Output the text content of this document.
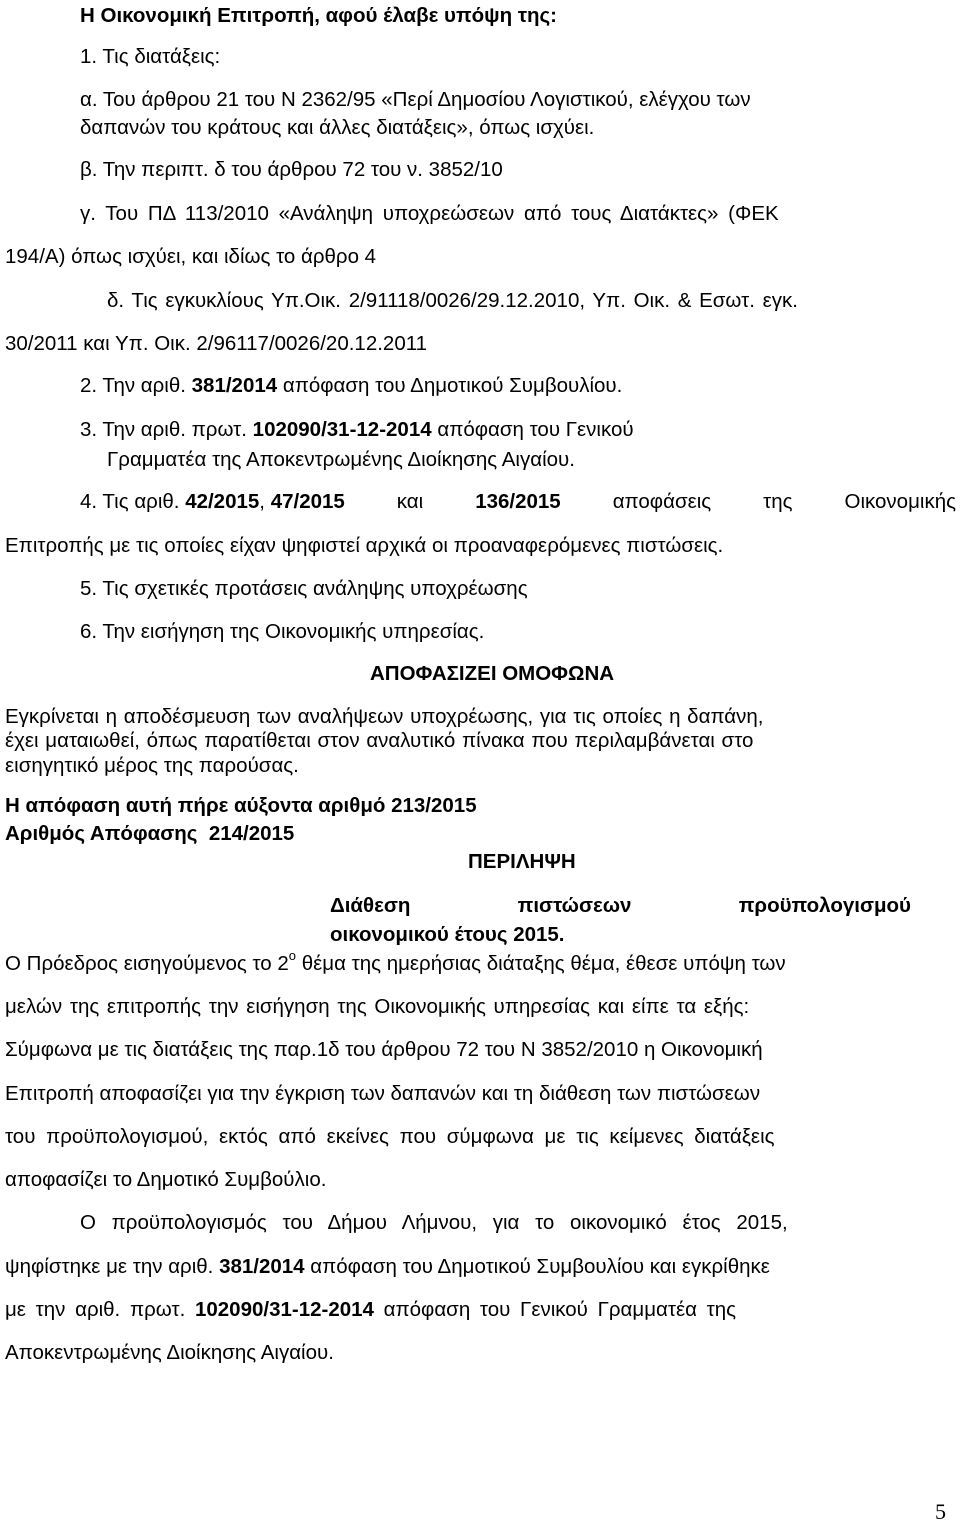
Η Οικονομική Επιτροπή, αφού έλαβε υπόψη της:
1. Τις διατάξεις:
α. Του άρθρου 21 του Ν 2362/95 «Περί Δημοσίου Λογιστικού, ελέγχου των
δαπανών του κράτους και άλλες διατάξεις», όπως ισχύει.
β. Την περιπτ. δ του άρθρου 72 του ν. 3852/10
γ. Του ΠΔ 113/2010 «Ανάληψη υποχρεώσεων από τους Διατάκτες» (ΦΕΚ
194/Α) όπως ισχύει, και ιδίως το άρθρο 4
δ. Τις εγκυκλίους Υπ.Οικ. 2/91118/0026/29.12.2010, Υπ. Οικ. & Εσωτ. εγκ.
30/2011 και Υπ. Οικ. 2/96117/0026/20.12.2011
2. Την αριθ. 381/2014 απόφαση του Δημοτικού Συμβουλίου.
3. Την αριθ. πρωτ. 102090/31-12-2014 απόφαση του Γενικού
Γραμματέα της Αποκεντρωμένης Διοίκησης Αιγαίου.
4. Τις αριθ. 42/2015, 47/2015	και	136/2015	αποφάσεις	της	Οικονομικής
Επιτροπής με τις οποίες είχαν ψηφιστεί αρχικά οι προαναφερόμενες πιστώσεις.
5. Τις σχετικές προτάσεις ανάληψης υποχρέωσης
6. Την εισήγηση της Οικονομικής υπηρεσίας.
ΑΠΟΦΑΣΙΖΕΙ ΟΜΟΦΩΝΑ
Εγκρίνεται η αποδέσμευση των αναλήψεων υποχρέωσης, για τις οποίες η δαπάνη,
έχει ματαιωθεί, όπως παρατίθεται στον αναλυτικό πίνακα που περιλαμβάνεται στο
εισηγητικό μέρος της παρούσας.
Η απόφαση αυτή πήρε αύξοντα αριθμό 213/2015
Αριθμός Απόφασης 214/2015
ΠΕΡΙΛΗΨΗ
Διάθεση	πιστώσεων	προϋπολογισμού
οικονομικού έτους 2015.
Ο Πρόεδρος εισηγούμενος το $2^o$ θέμα της ημερήσιας διάταξης θέμα, έθεσε υπόψη των
μελών της επιτροπής την εισήγηση της Οικονομικής υπηρεσίας και είπε τα εξής:
Σύμφωνα με τις διατάξεις της παρ.1δ του άρθρου 72 του Ν 3852/2010 η Οικονομική
Επιτροπή αποφασίζει για την έγκριση των δαπανών και τη διάθεση των πιστώσεων
του προϋπολογισμού, εκτός από εκείνες που σύμφωνα με τις κείμενες διατάξεις
αποφασίζει το Δημοτικό Συμβούλιο.
Ο προϋπολογισμός του Δήμου Λήμνου, για το οικονομικό έτος 2015,
ψηφίστηκε με την αριθ. 381/2014 απόφαση του Δημοτικού Συμβουλίου και εγκρίθηκε
με την αριθ. πρωτ. 102090/31-12-2014 απόφαση του Γενικού Γραμματέα της
Αποκεντρωμένης Διοίκησης Αιγαίου.
5
